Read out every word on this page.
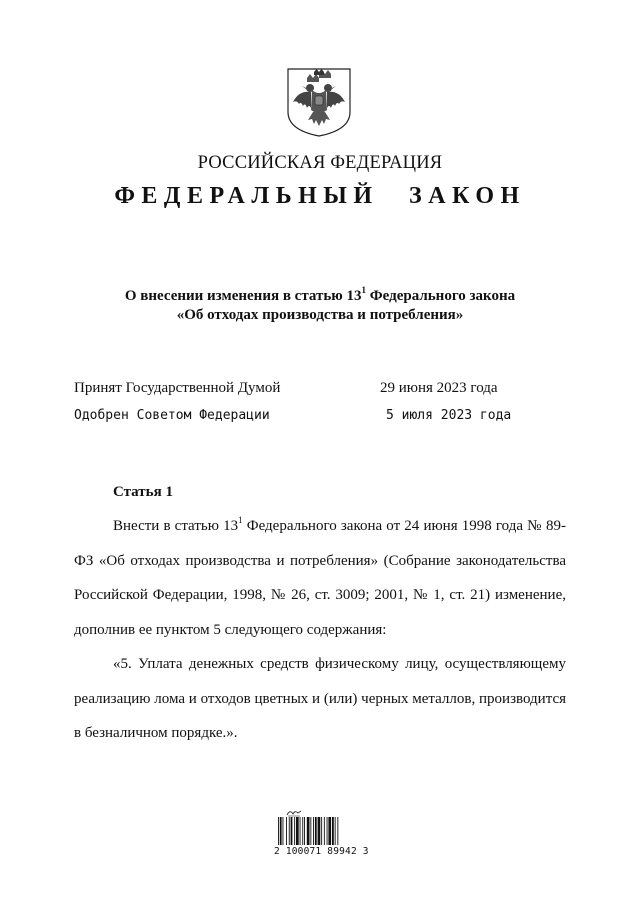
РОССИЙСКАЯ ФЕДЕРАЦИЯ
ФЕДЕРАЛЬНЫЙ ЗАКОН
О внесении изменения в статью $13^1$ Федерального закона
«Об отходах производства и потребления»
Принят Государственной Думой	29 июня 2023 года
Одобрен Советом Федерации	5 июля 2023 года
Статья 1
Внести в статью $13^1$ Федерального закона от 24 июня 1998 года № 89-ФЗ «Об отходах производства и потребления» (Собрание законодательства Российской Федерации, 1998, № 26, ст. 3009; 2001, № 1, ст. 21) изменение, дополнив ее пунктом 5 следующего содержания:
«5. Уплата денежных средств физическому лицу, осуществляющему реализацию лома и отходов цветных и (или) черных металлов, производится в безналичном порядке.».
2 100071 89942 3
